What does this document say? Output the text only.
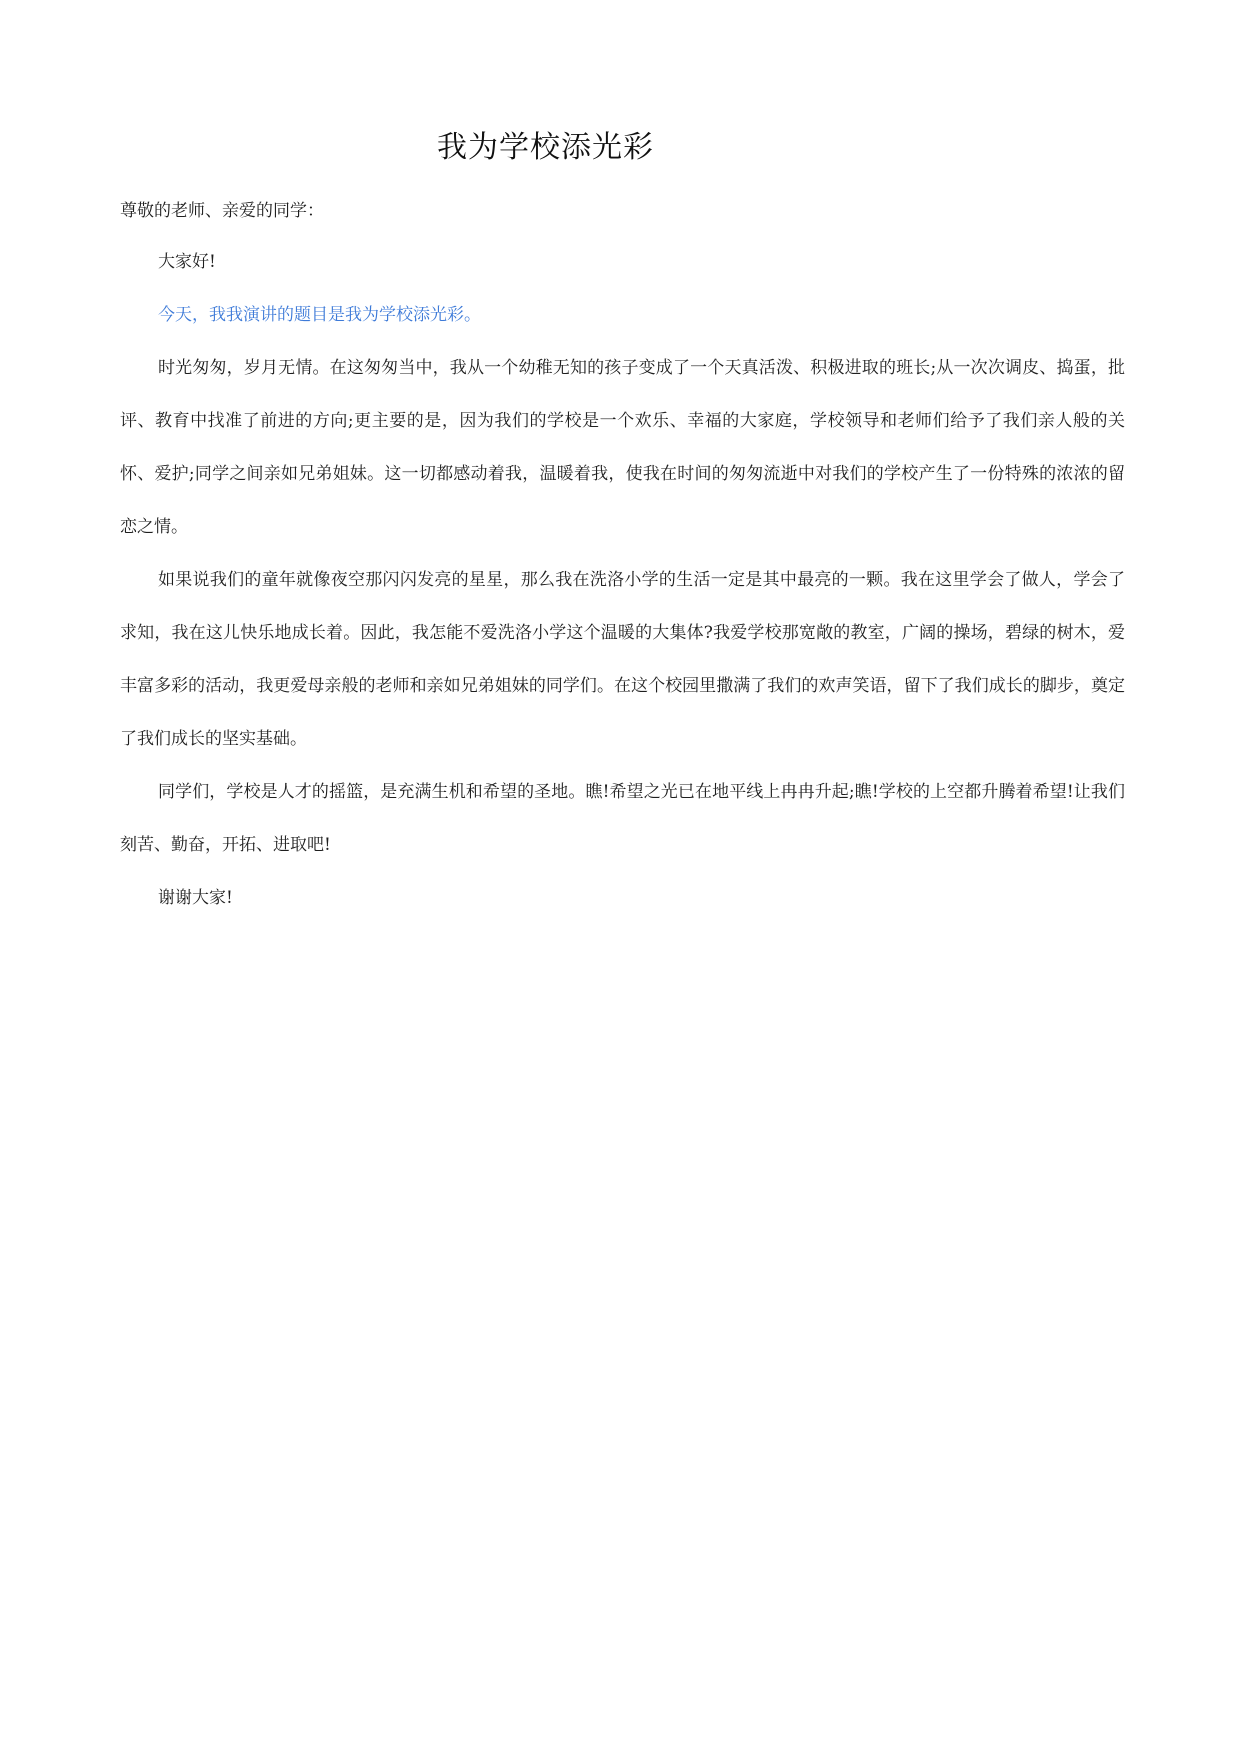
我为学校添光彩

尊敬的老师、亲爱的同学：

大家好!

今天，我我演讲的题目是我为学校添光彩。

时光匆匆，岁月无情。在这匆匆当中，我从一个幼稚无知的孩子变成了一个天真活泼、积极进取的班长;从一次次调皮、捣蛋，批评、教育中找准了前进的方向;更主要的是，因为我们的学校是一个欢乐、幸福的大家庭，学校领导和老师们给予了我们亲人般的关怀、爱护;同学之间亲如兄弟姐妹。这一切都感动着我，温暖着我，使我在时间的匆匆流逝中对我们的学校产生了一份特殊的浓浓的留恋之情。

如果说我们的童年就像夜空那闪闪发亮的星星，那么我在洗洛小学的生活一定是其中最亮的一颗。我在这里学会了做人，学会了求知，我在这儿快乐地成长着。因此，我怎能不爱洗洛小学这个温暖的大集体?我爱学校那宽敞的教室，广阔的操场，碧绿的树木，爱丰富多彩的活动，我更爱母亲般的老师和亲如兄弟姐妹的同学们。在这个校园里撒满了我们的欢声笑语，留下了我们成长的脚步，奠定了我们成长的坚实基础。

同学们，学校是人才的摇篮，是充满生机和希望的圣地。瞧!希望之光已在地平线上冉冉升起;瞧!学校的上空都升腾着希望!让我们刻苦、勤奋，开拓、进取吧!

谢谢大家!
